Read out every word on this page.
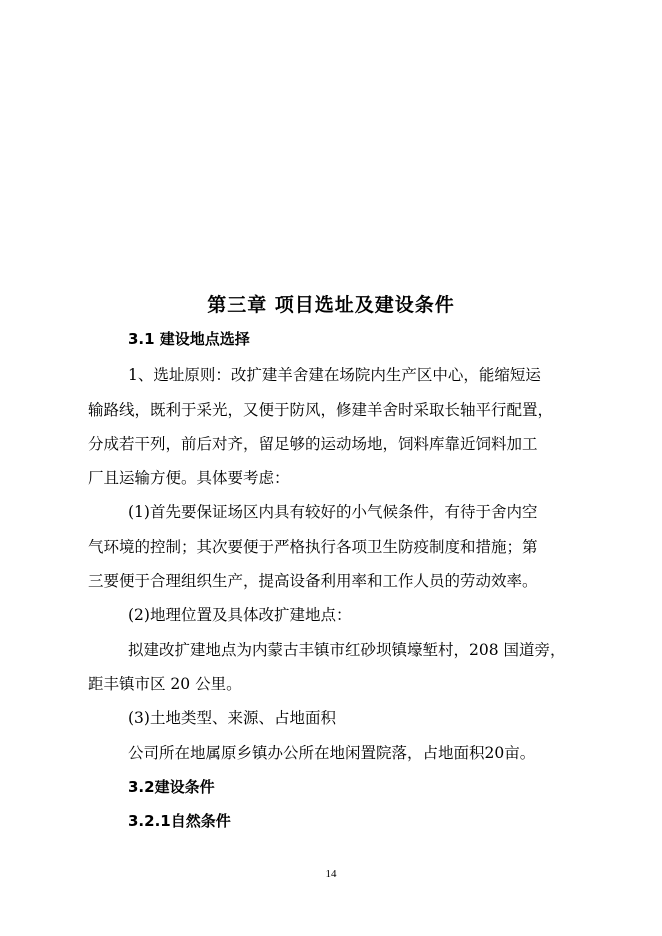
第三章 项目选址及建设条件
3.1 建设地点选择

1、选址原则：改扩建羊舍建在场院内生产区中心，能缩短运

输路线，既利于采光，又便于防风，修建羊舍时采取长轴平行配置，

分成若干列，前后对齐，留足够的运动场地，饲料库靠近饲料加工

厂且运输方便。具体要考虑：

(1)首先要保证场区内具有较好的小气候条件，有待于舍内空

气环境的控制；其次要便于严格执行各项卫生防疫制度和措施；第

三要便于合理组织生产，提高设备利用率和工作人员的劳动效率。

(2)地理位置及具体改扩建地点：

拟建改扩建地点为内蒙古丰镇市红砂坝镇壕堑村，208 国道旁，

距丰镇市区 20 公里。

(3)土地类型、来源、占地面积

公司所在地属原乡镇办公所在地闲置院落，占地面积20亩。

3.2建设条件
3.2.1自然条件
14
